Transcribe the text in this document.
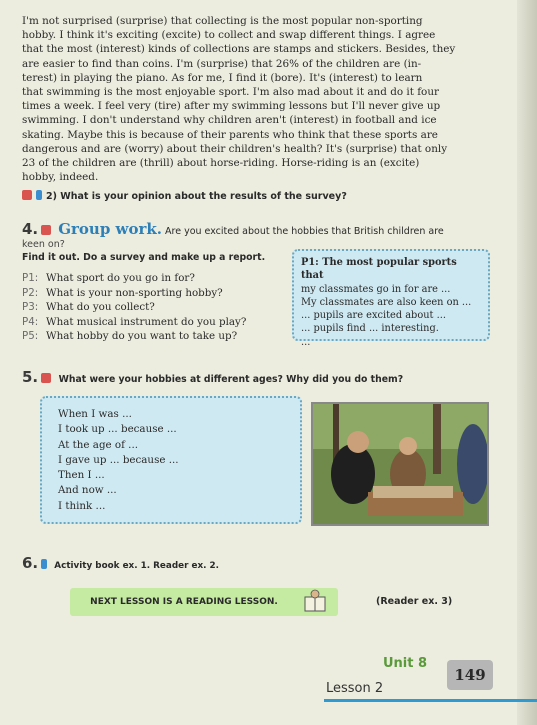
I'm not surprised (surprise) that collecting is the most popular non-sporting
hobby. I think it's exciting (excite) to collect and swap different things. I agree
that the most (interest) kinds of collections are stamps and stickers. Besides, they
are easier to find than coins. I'm (surprise) that 26% of the children are (in-
terest) in playing the piano. As for me, I find it (bore). It's (interest) to learn
that swimming is the most enjoyable sport. I'm also mad about it and do it four
times a week. I feel very (tire) after my swimming lessons but I'll never give up
swimming. I don't understand why children aren't (interest) in football and ice
skating. Maybe this is because of their parents who think that these sports are
dangerous and are (worry) about their children's health? It's (surprise) that only
23 of the children are (thrill) about horse-riding. Horse-riding is an (excite)
hobby, indeed.
2) What is your opinion about the results of the survey?
4. Group work. Are you excited about the hobbies that British children are
keen on?
Find it out. Do a survey and make up a report.
P1: What sport do you go in for?
P2: What is your non-sporting hobby?
P3: What do you collect?
P4: What musical instrument do you play?
P5: What hobby do you want to take up?
P1: The most popular sports that
my classmates go in for are ...
My classmates are also keen on ...
... pupils are excited about ...
... pupils find ... interesting.
...
5. What were your hobbies at different ages? Why did you do them?
When I was ...
I took up ... because ...
At the age of ...
I gave up ... because ...
Then I ...
And now ...
I think ...
6. Activity book ex. 1. Reader ex. 2.
NEXT LESSON IS A READING LESSON.	(Reader ex. 3)
Unit 8
149
Lesson 2
